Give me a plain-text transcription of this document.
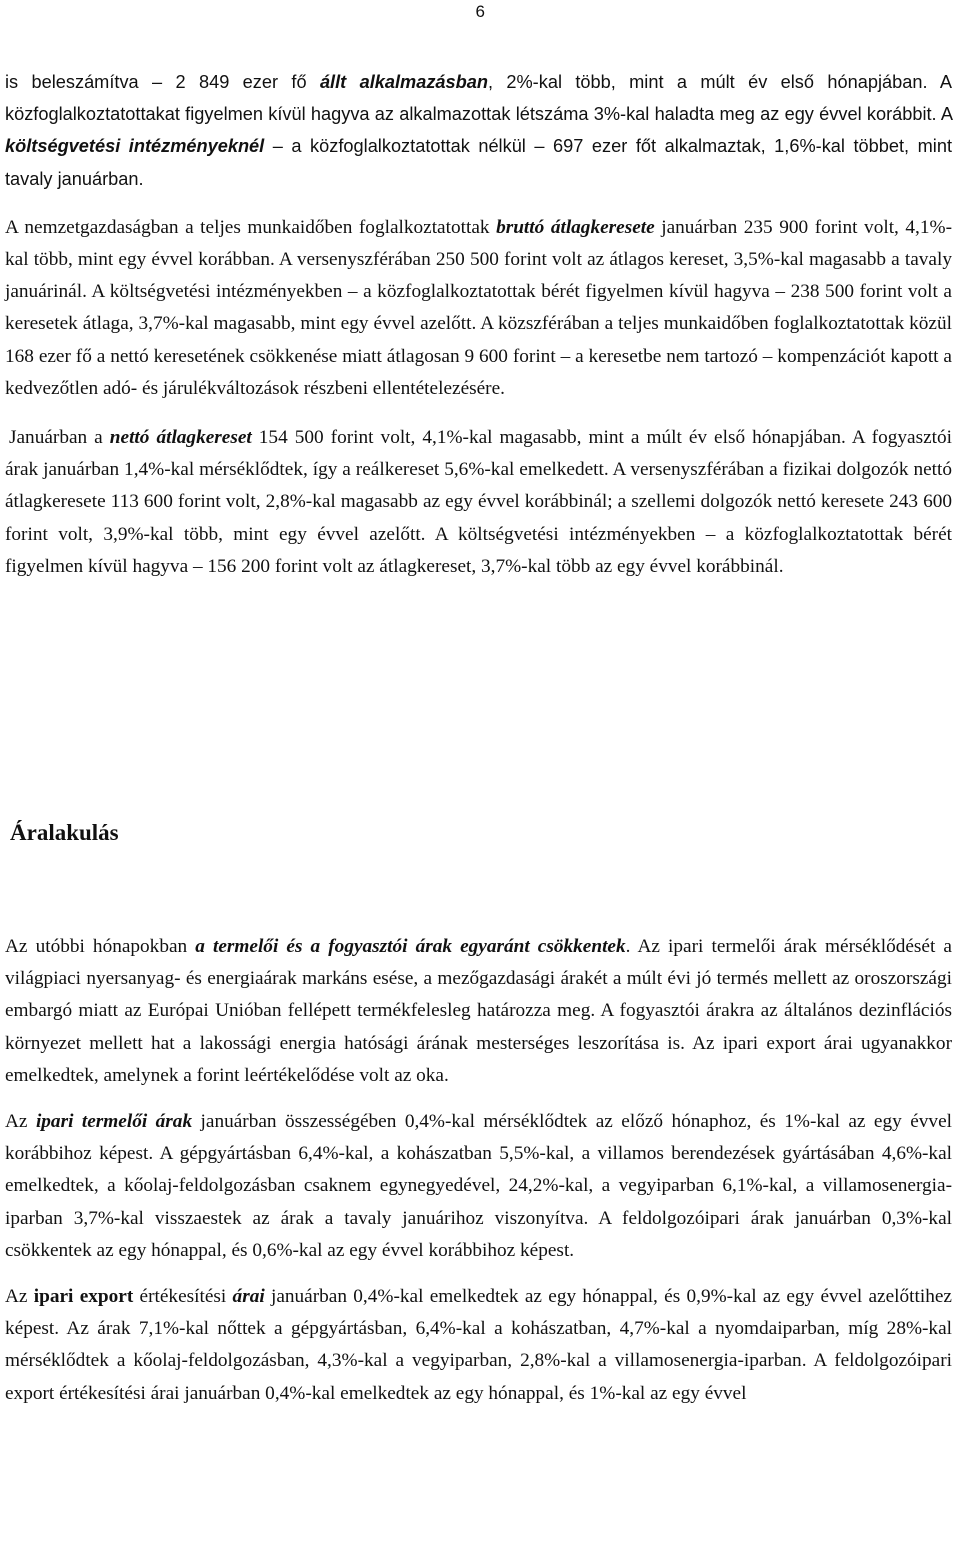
6

is beleszámítva – 2 849 ezer fő állt alkalmazásban, 2%-kal több, mint a múlt év első hónapjában. A közfoglalkoztatottakat figyelmen kívül hagyva az alkalmazottak létszáma 3%-kal haladta meg az egy évvel korábbit. A költségvetési intézményeknél – a közfoglalkoztatottak nélkül – 697 ezer főt alkalmaztak, 1,6%-kal többet, mint tavaly januárban.

A nemzetgazdaságban a teljes munkaidőben foglalkoztatottak bruttó átlagkeresete januárban 235 900 forint volt, 4,1%-kal több, mint egy évvel korábban. A versenyszférában 250 500 forint volt az átlagos kereset, 3,5%-kal magasabb a tavaly januárinál. A költségvetési intézményekben – a közfoglalkoztatottak bérét figyelmen kívül hagyva – 238 500 forint volt a keresetek átlaga, 3,7%-kal magasabb, mint egy évvel azelőtt. A közszférában a teljes munkaidőben foglalkoztatottak közül 168 ezer fő a nettó keresetének csökkenése miatt átlagosan 9 600 forint – a keresetbe nem tartozó – kompenzációt kapott a kedvezőtlen adó- és járulékváltozások részbeni ellentételezésére.

Januárban a nettó átlagkereset 154 500 forint volt, 4,1%-kal magasabb, mint a múlt év első hónapjában. A fogyasztói árak januárban 1,4%-kal mérséklődtek, így a reálkereset 5,6%-kal emelkedett. A versenyszférában a fizikai dolgozók nettó átlagkeresete 113 600 forint volt, 2,8%-kal magasabb az egy évvel korábbinál; a szellemi dolgozók nettó keresete 243 600 forint volt, 3,9%-kal több, mint egy évvel azelőtt. A költségvetési intézményekben – a közfoglalkoztatottak bérét figyelmen kívül hagyva – 156 200 forint volt az átlagkereset, 3,7%-kal több az egy évvel korábbinál.

Áralakulás

Az utóbbi hónapokban a termelői és a fogyasztói árak egyaránt csökkentek. Az ipari termelői árak mérséklődését a világpiaci nyersanyag- és energiaárak markáns esése, a mezőgazdasági árakét a múlt évi jó termés mellett az oroszországi embargó miatt az Európai Unióban fellépett termékfelesleg határozza meg. A fogyasztói árakra az általános dezinflációs környezet mellett hat a lakossági energia hatósági árának mesterséges leszorítása is. Az ipari export árai ugyanakkor emelkedtek, amelynek a forint leértékelődése volt az oka.

Az ipari termelői árak januárban összességében 0,4%-kal mérséklődtek az előző hónaphoz, és 1%-kal az egy évvel korábbihoz képest. A gépgyártásban 6,4%-kal, a kohászatban 5,5%-kal, a villamos berendezések gyártásában 4,6%-kal emelkedtek, a kőolaj-feldolgozásban csaknem egynegyedével, 24,2%-kal, a vegyiparban 6,1%-kal, a villamosenergia-iparban 3,7%-kal visszaestek az árak a tavaly januárihoz viszonyítva. A feldolgozóipari árak januárban 0,3%-kal csökkentek az egy hónappal, és 0,6%-kal az egy évvel korábbihoz képest.

Az ipari export értékesítési árai januárban 0,4%-kal emelkedtek az egy hónappal, és 0,9%-kal az egy évvel azelőttihez képest. Az árak 7,1%-kal nőttek a gépgyártásban, 6,4%-kal a kohászatban, 4,7%-kal a nyomdaiparban, míg 28%-kal mérséklődtek a kőolaj-feldolgozásban, 4,3%-kal a vegyiparban, 2,8%-kal a villamosenergia-iparban. A feldolgozóipari export értékesítési árai januárban 0,4%-kal emelkedtek az egy hónappal, és 1%-kal az egy évvel
